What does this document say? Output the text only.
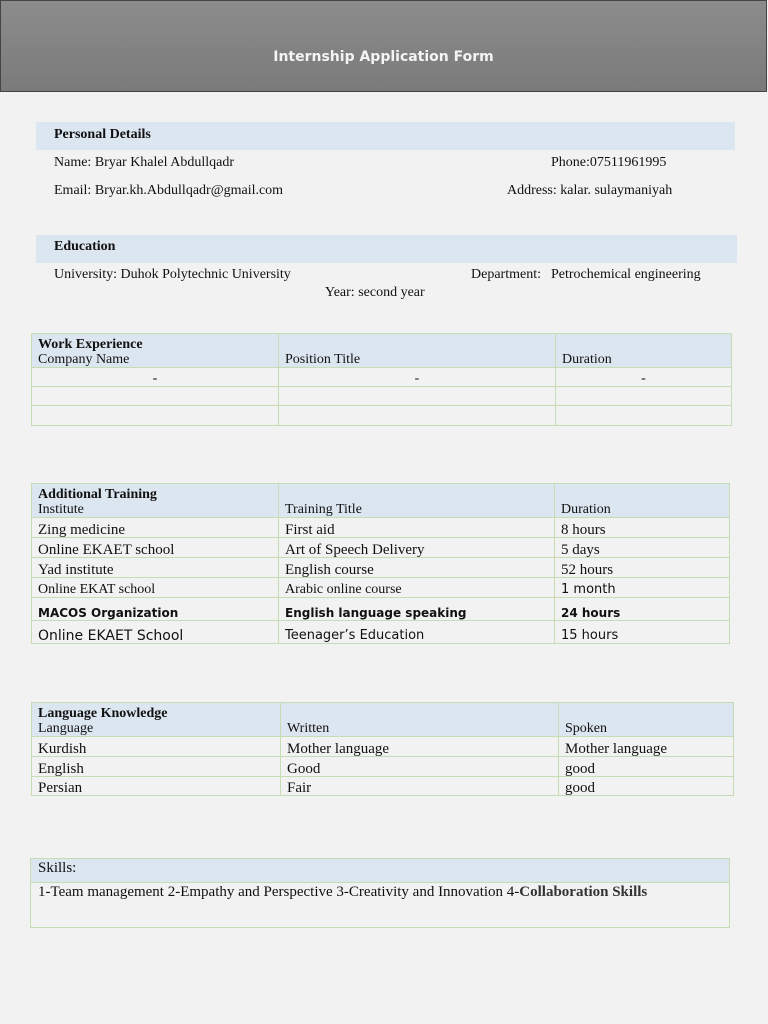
Internship Application Form
Personal Details
Name: Bryar Khalel Abdullqadr	Phone:07511961995
Email: Bryar.kh.Abdullqadr@gmail.com	Address: kalar. sulaymaniyah
Education
University: Duhok Polytechnic University	Department: Petrochemical engineering
Year: second year
Work Experience
Company Name	Position Title	Duration
-	-	-

Additional Training
Institute	Training Title	Duration
Zing medicine	First aid	8 hours
Online EKAET school	Art of Speech Delivery	5 days
Yad institute	English course	52 hours
Online EKAT school	Arabic online course	1 month
MACOS Organization	English language speaking	24 hours
Online EKAET School	Teenager’s Education	15 hours
Language Knowledge
Language	Written	Spoken
Kurdish	Mother language	Mother language
English	Good	good
Persian	Fair	good
Skills:
1-Team management 2-Empathy and Perspective 3-Creativity and Innovation 4-Collaboration Skills
